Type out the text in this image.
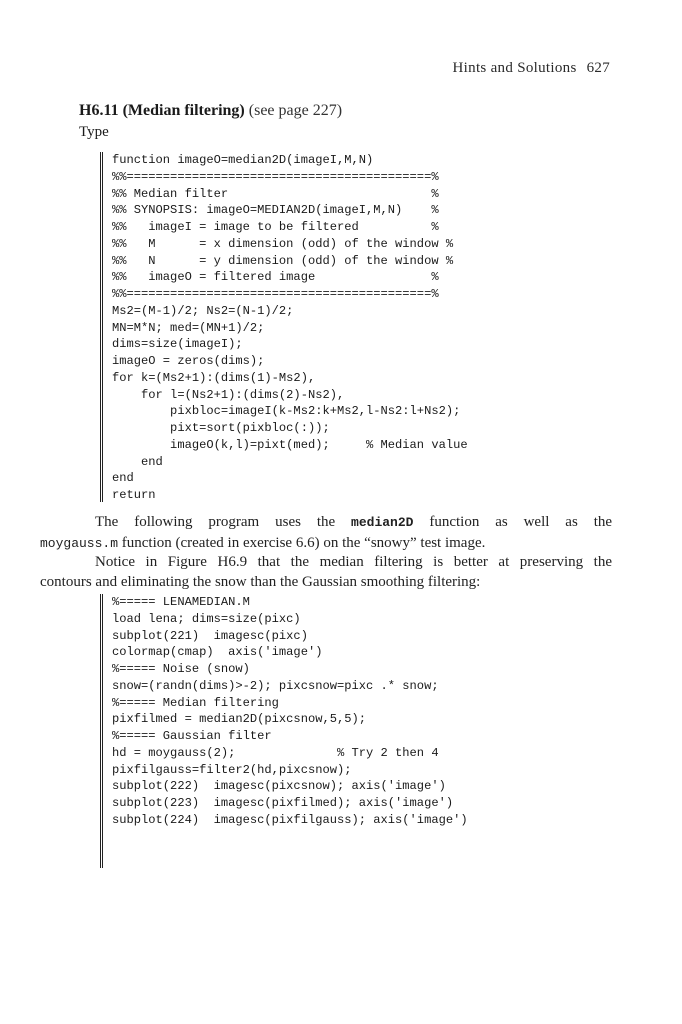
Hints and Solutions 627
H6.11 (Median filtering) (see page 227)
Type
function imageO=median2D(imageI,M,N)
%%==========================================%
%% Median filter                            %
%% SYNOPSIS: imageO=MEDIAN2D(imageI,M,N)    %
%%   imageI = image to be filtered          %
%%   M      = x dimension (odd) of the window %
%%   N      = y dimension (odd) of the window %
%%   imageO = filtered image                %
%%==========================================%
Ms2=(M-1)/2; Ns2=(N-1)/2;
MN=M*N; med=(MN+1)/2;
dims=size(imageI);
imageO = zeros(dims);
for k=(Ms2+1):(dims(1)-Ms2),
for l=(Ns2+1):(dims(2)-Ns2),
pixbloc=imageI(k-Ms2:k+Ms2,l-Ns2:l+Ns2);
pixt=sort(pixbloc(:));
imageO(k,l)=pixt(med);     % Median value
end
end
return
The following program uses the median2D function as well as the
moygauss.m function (created in exercise 6.6) on the “snowy” test image.
Notice in Figure H6.9 that the median filtering is better at preserving the
contours and eliminating the snow than the Gaussian smoothing filtering:
%===== LENAMEDIAN.M
load lena; dims=size(pixc)
subplot(221)  imagesc(pixc)
colormap(cmap)  axis('image')
%===== Noise (snow)
snow=(randn(dims)>-2); pixcsnow=pixc .* snow;
%===== Median filtering
pixfilmed = median2D(pixcsnow,5,5);
%===== Gaussian filter
hd = moygauss(2);              % Try 2 then 4
pixfilgauss=filter2(hd,pixcsnow);
subplot(222)  imagesc(pixcsnow); axis('image')
subplot(223)  imagesc(pixfilmed); axis('image')
subplot(224)  imagesc(pixfilgauss); axis('image')
